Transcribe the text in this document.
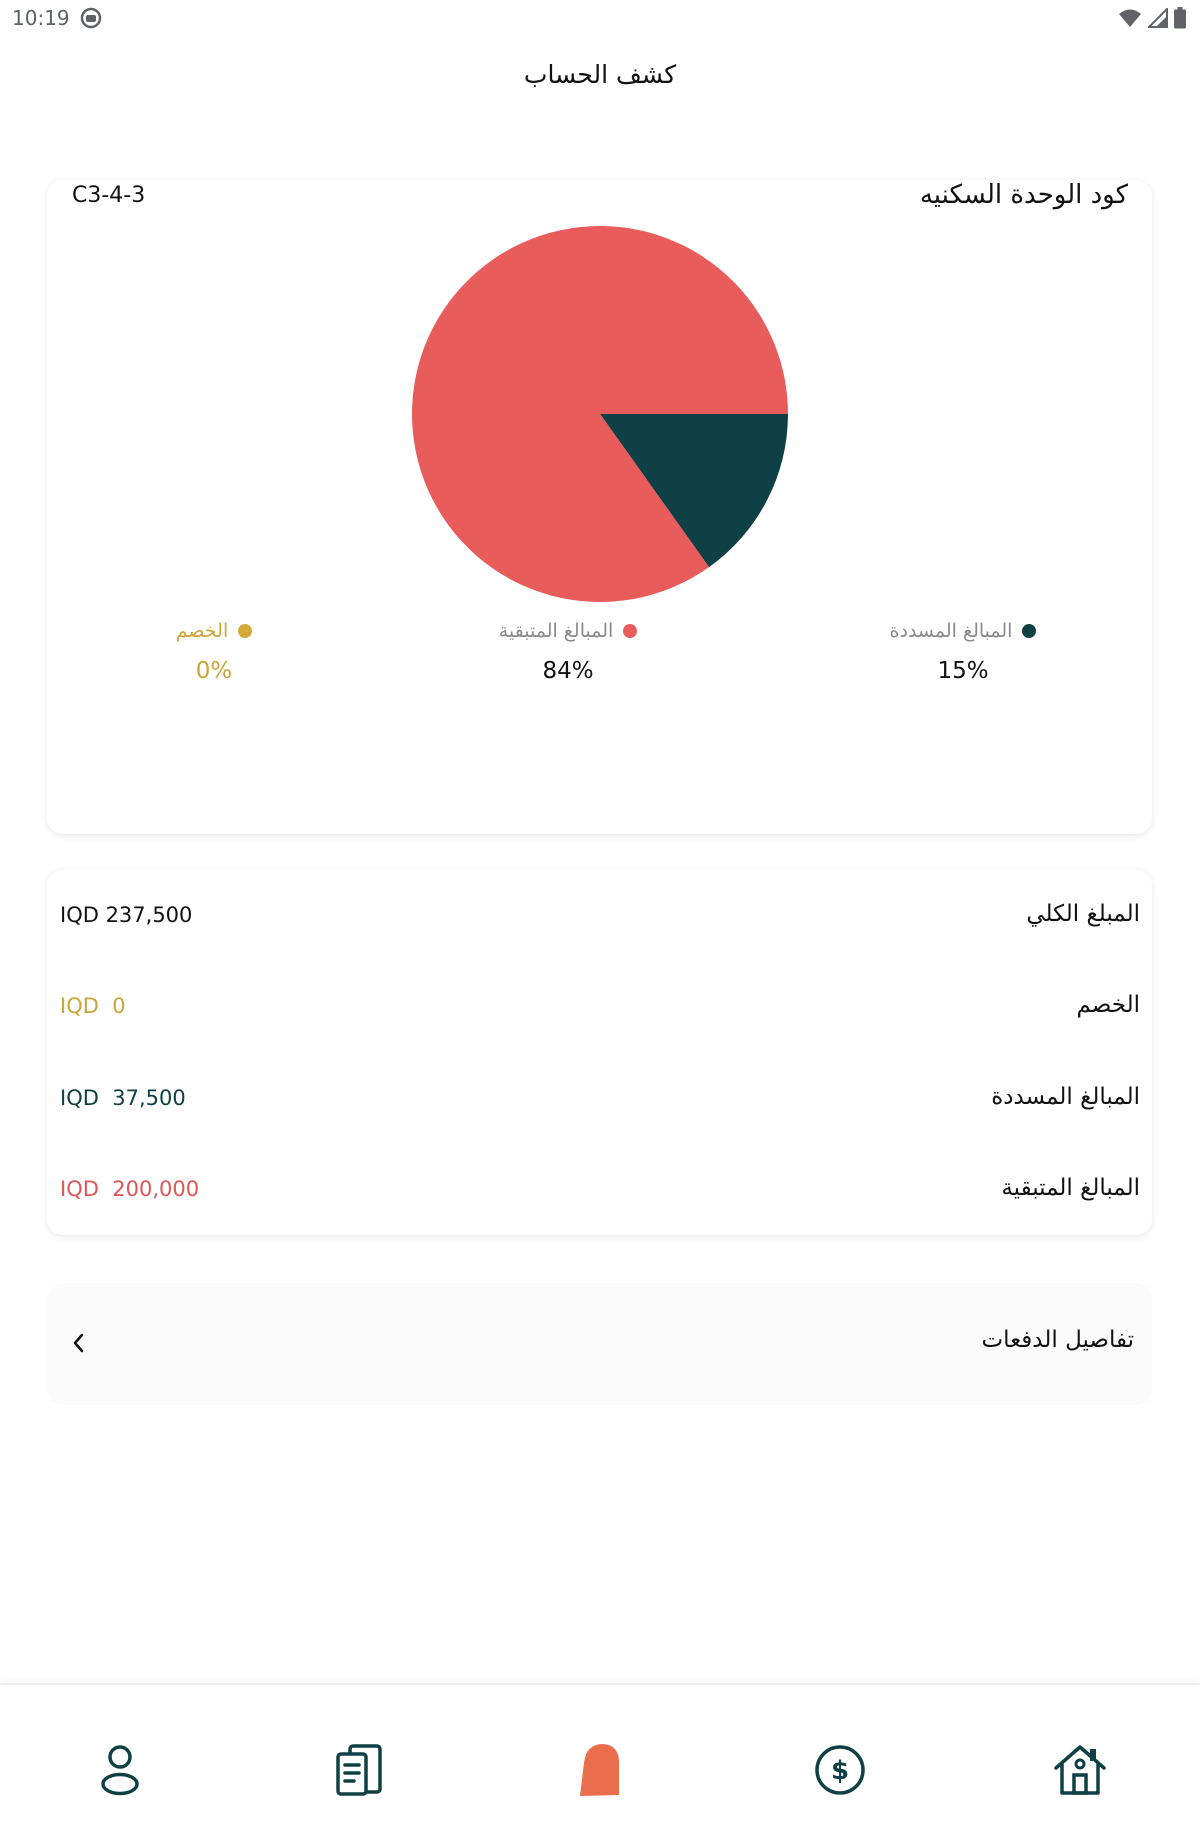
10:19
كشف الحساب
كود الوحدة السكنيه
C3-4-3
المبالغ المسددة
15%
المبالغ المتبقية
84%
الخصم
0%
المبلغ الكلي
IQD 237,500
الخصم
IQD  0
المبالغ المسددة
IQD  37,500
المبالغ المتبقية
IQD  200,000
تفاصيل الدفعات
$
